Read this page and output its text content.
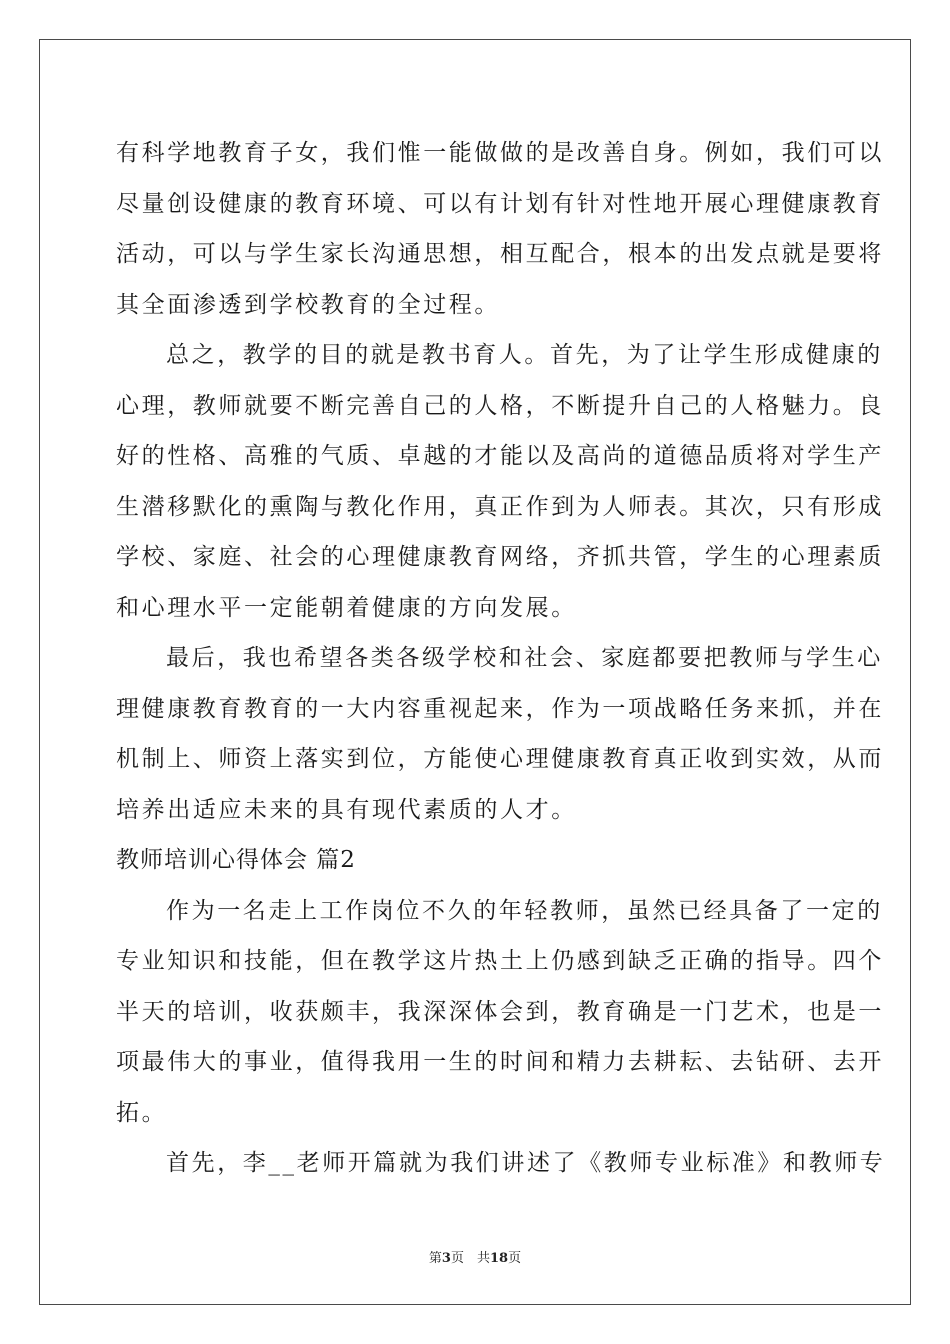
有科学地教育子女，我们惟一能做做的是改善自身。例如，我们可以
尽量创设健康的教育环境、可以有计划有针对性地开展心理健康教育
活动，可以与学生家长沟通思想，相互配合，根本的出发点就是要将
其全面渗透到学校教育的全过程。
总之，教学的目的就是教书育人。首先，为了让学生形成健康的
心理，教师就要不断完善自己的人格，不断提升自己的人格魅力。良
好的性格、高雅的气质、卓越的才能以及高尚的道德品质将对学生产
生潜移默化的熏陶与教化作用，真正作到为人师表。其次，只有形成
学校、家庭、社会的心理健康教育网络，齐抓共管，学生的心理素质
和心理水平一定能朝着健康的方向发展。
最后，我也希望各类各级学校和社会、家庭都要把教师与学生心
理健康教育教育的一大内容重视起来，作为一项战略任务来抓，并在
机制上、师资上落实到位，方能使心理健康教育真正收到实效，从而
培养出适应未来的具有现代素质的人才。
教师培训心得体会 篇2
作为一名走上工作岗位不久的年轻教师，虽然已经具备了一定的
专业知识和技能，但在教学这片热土上仍感到缺乏正确的指导。四个
半天的培训，收获颇丰，我深深体会到，教育确是一门艺术，也是一
项最伟大的事业，值得我用一生的时间和精力去耕耘、去钻研、去开
拓。
首先，李__老师开篇就为我们讲述了《教师专业标准》和教师专
第3页　共18页
